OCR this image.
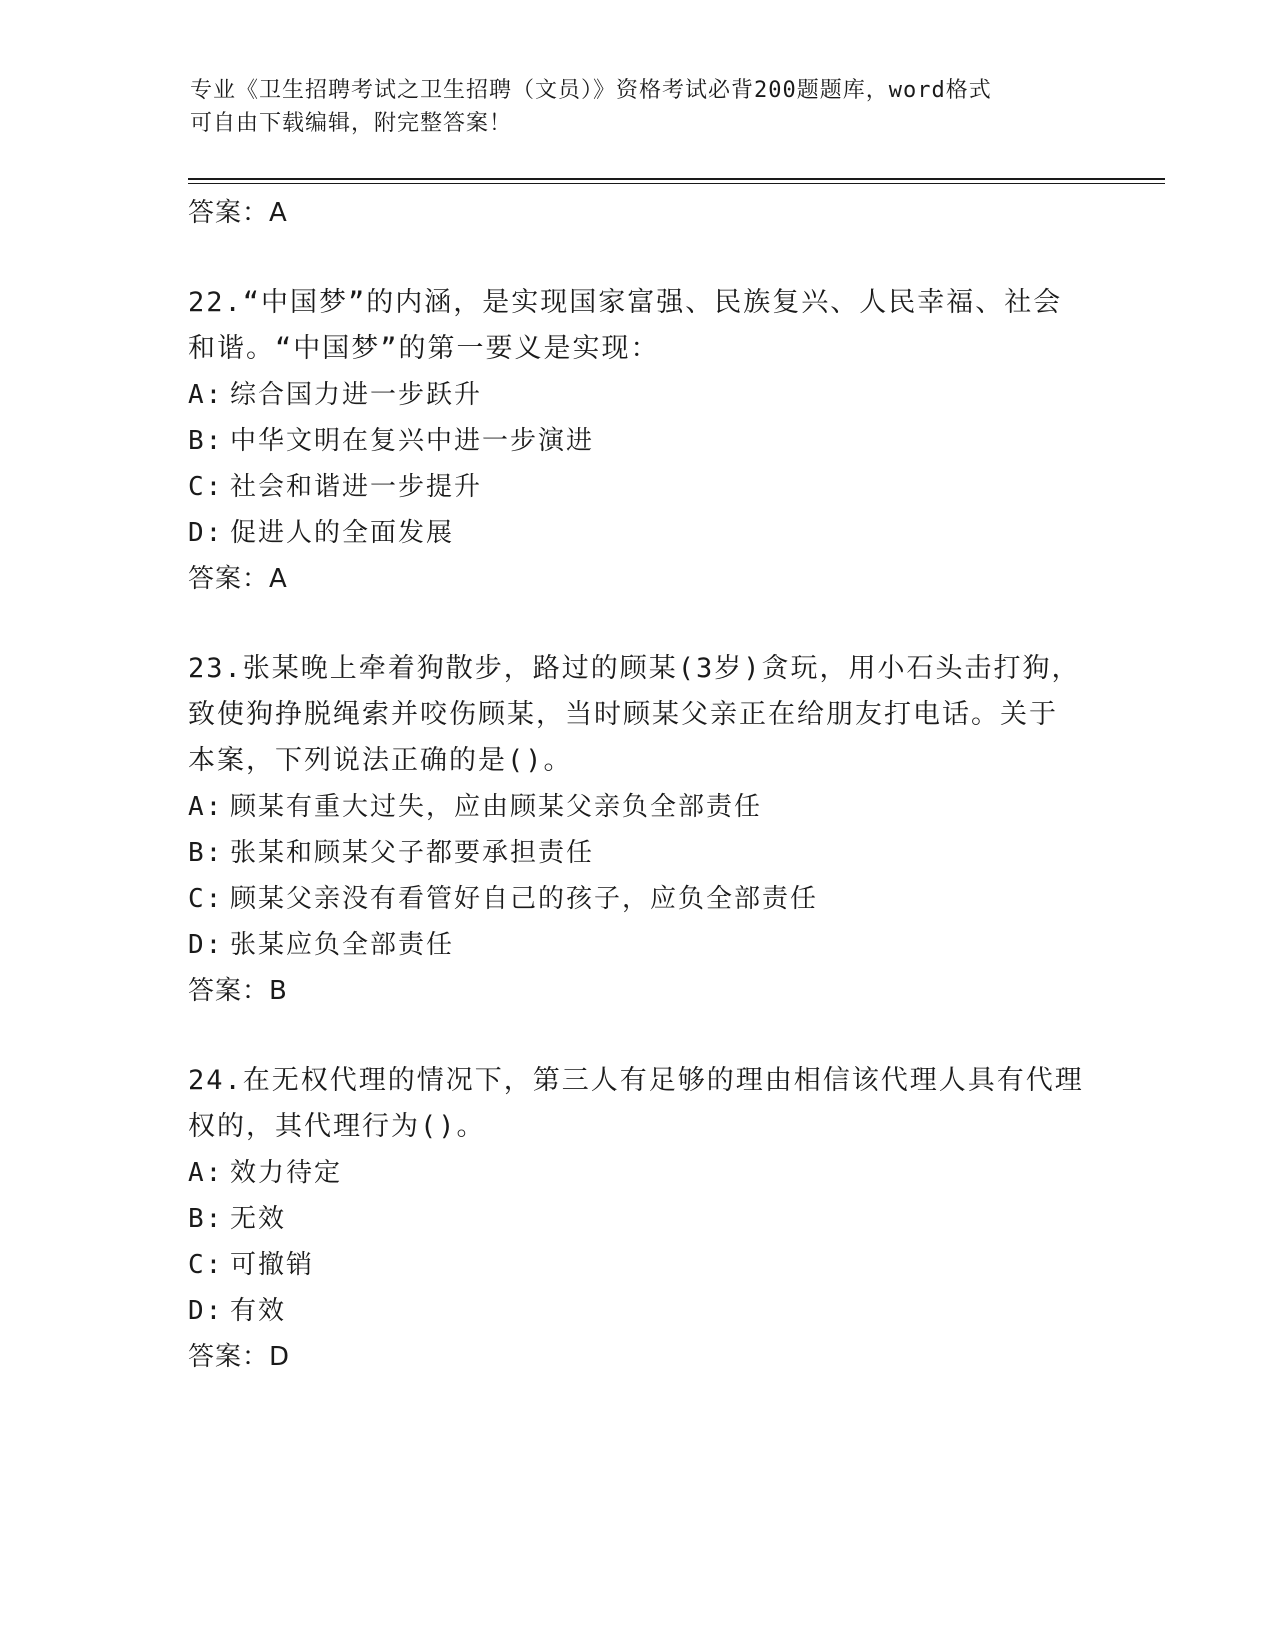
专业《卫生招聘考试之卫生招聘（文员）》资格考试必背200题题库，word格式
可自由下载编辑，附完整答案！
答案：A
22.“中国梦”的内涵，是实现国家富强、民族复兴、人民幸福、社会
和谐。“中国梦”的第一要义是实现：
A: 综合国力进一步跃升
B: 中华文明在复兴中进一步演进
C: 社会和谐进一步提升
D: 促进人的全面发展
答案：A
23.张某晚上牵着狗散步，路过的顾某(3岁)贪玩，用小石头击打狗，
致使狗挣脱绳索并咬伤顾某，当时顾某父亲正在给朋友打电话。关于
本案，下列说法正确的是()。
A: 顾某有重大过失，应由顾某父亲负全部责任
B: 张某和顾某父子都要承担责任
C: 顾某父亲没有看管好自己的孩子，应负全部责任
D: 张某应负全部责任
答案：B
24.在无权代理的情况下，第三人有足够的理由相信该代理人具有代理
权的，其代理行为()。
A: 效力待定
B: 无效
C: 可撤销
D: 有效
答案：D
